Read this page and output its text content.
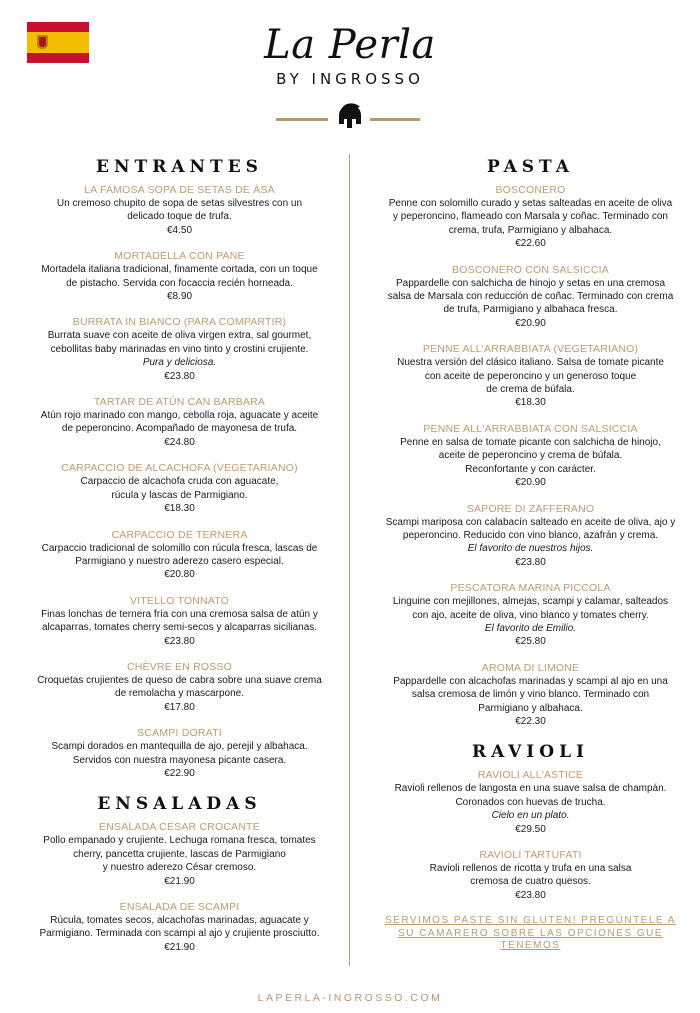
La Perla
BY INGROSSO
ENTRANTES
LA FAMOSA SOPA DE SETAS DE ÁSA
Un cremoso chupito de sopa de setas silvestres con un
delicado toque de trufa.
€4.50
MORTADELLA CON PANE
Mortadela italiana tradicional, finamente cortada, con un toque
de pistacho. Servida con focaccia recién horneada.
€8.90
BURRATA IN BIANCO (PARA COMPARTIR)
Burrata suave con aceite de oliva virgen extra, sal gourmet,
cebollitas baby marinadas en vino tinto y crostini crujiente.
Pura y deliciosa.
€23.80
TARTAR DE ATÚN CAN BARBARA
Atún rojo marinado con mango, cebolla roja, aguacate y aceite
de peperoncino. Acompañado de mayonesa de trufa.
€24.80
CARPACCIO DE ALCACHOFA (VEGETARIANO)
Carpaccio de alcachofa cruda con aguacate,
rúcula y lascas de Parmigiano.
€18.30
CARPACCIO DE TERNERA
Carpaccio tradicional de solomillo con rúcula fresca, lascas de
Parmigiano y nuestro aderezo casero especial.
€20.80
VITELLO TONNATO
Finas lonchas de ternera fría con una cremosa salsa de atún y
alcaparras, tomates cherry semi-secos y alcaparras sicilianas.
€23.80
CHÈVRE EN ROSSO
Croquetas crujientes de queso de cabra sobre una suave crema
de remolacha y mascarpone.
€17.80
SCAMPI DORATI
Scampi dorados en mantequilla de ajo, perejil y albahaca.
Servidos con nuestra mayonesa picante casera.
€22.90
ENSALADAS
ENSALADA CÉSAR CROCANTE
Pollo empanado y crujiente. Lechuga romana fresca, tomates
cherry, pancetta crujiente, lascas de Parmigiano
y nuestro aderezo César cremoso.
€21.90
ENSALADA DE SCAMPI
Rúcula, tomates secos, alcachofas marinadas, aguacate y
Parmigiano. Terminada con scampi al ajo y crujiente prosciutto.
€21.90
PASTA
BOSCONERO
Penne con solomillo curado y setas salteadas en aceite de oliva
y peperoncino, flameado con Marsala y coñac. Terminado con
crema, trufa, Parmigiano y albahaca.
€22.60
BOSCONERO CON SALSICCIA
Pappardelle con salchicha de hinojo y setas en una cremosa
salsa de Marsala con reducción de coñac. Terminado con crema
de trufa, Parmigiano y albahaca fresca.
€20.90
PENNE ALL'ARRABBIATA (VEGETARIANO)
Nuestra versión del clásico italiano. Salsa de tomate picante
con aceite de peperoncino y un generoso toque
de crema de búfala.
€18.30
PENNE ALL'ARRABBIATA CON SALSICCIA
Penne en salsa de tomate picante con salchicha de hinojo,
aceite de peperoncino y crema de búfala.
Reconfortante y con carácter.
€20.90
SAPORE DI ZAFFERANO
Scampi mariposa con calabacín salteado en aceite de oliva, ajo y
peperoncino. Reducido con vino blanco, azafrán y crema.
El favorito de nuestros hijos.
€23.80
PESCATORA MARINA PICCOLA
Linguine con mejillones, almejas, scampi y calamar, salteados
con ajo, aceite de oliva, vino blanco y tomates cherry.
El favorito de Emilio.
€25.80
AROMA DI LIMONE
Pappardelle con alcachofas marinadas y scampi al ajo en una
salsa cremosa de limón y vino blanco. Terminado con
Parmigiano y albahaca.
€22.30
RAVIOLI
RAVIOLI ALL'ASTICE
Ravioli rellenos de langosta en una suave salsa de champán.
Coronados con huevas de trucha.
Cielo en un plato.
€29.50
RAVIOLI TARTUFATI
Ravioli rellenos de ricotta y trufa en una salsa
cremosa de cuatro quesos.
€23.80
SERVIMOS PASTE SIN GLUTEN! PREGÚNTELE A
SU CAMARERO SOBRE LAS OPCIONES GUE
TENEMOS
LAPERLA-INGROSSO.COM
